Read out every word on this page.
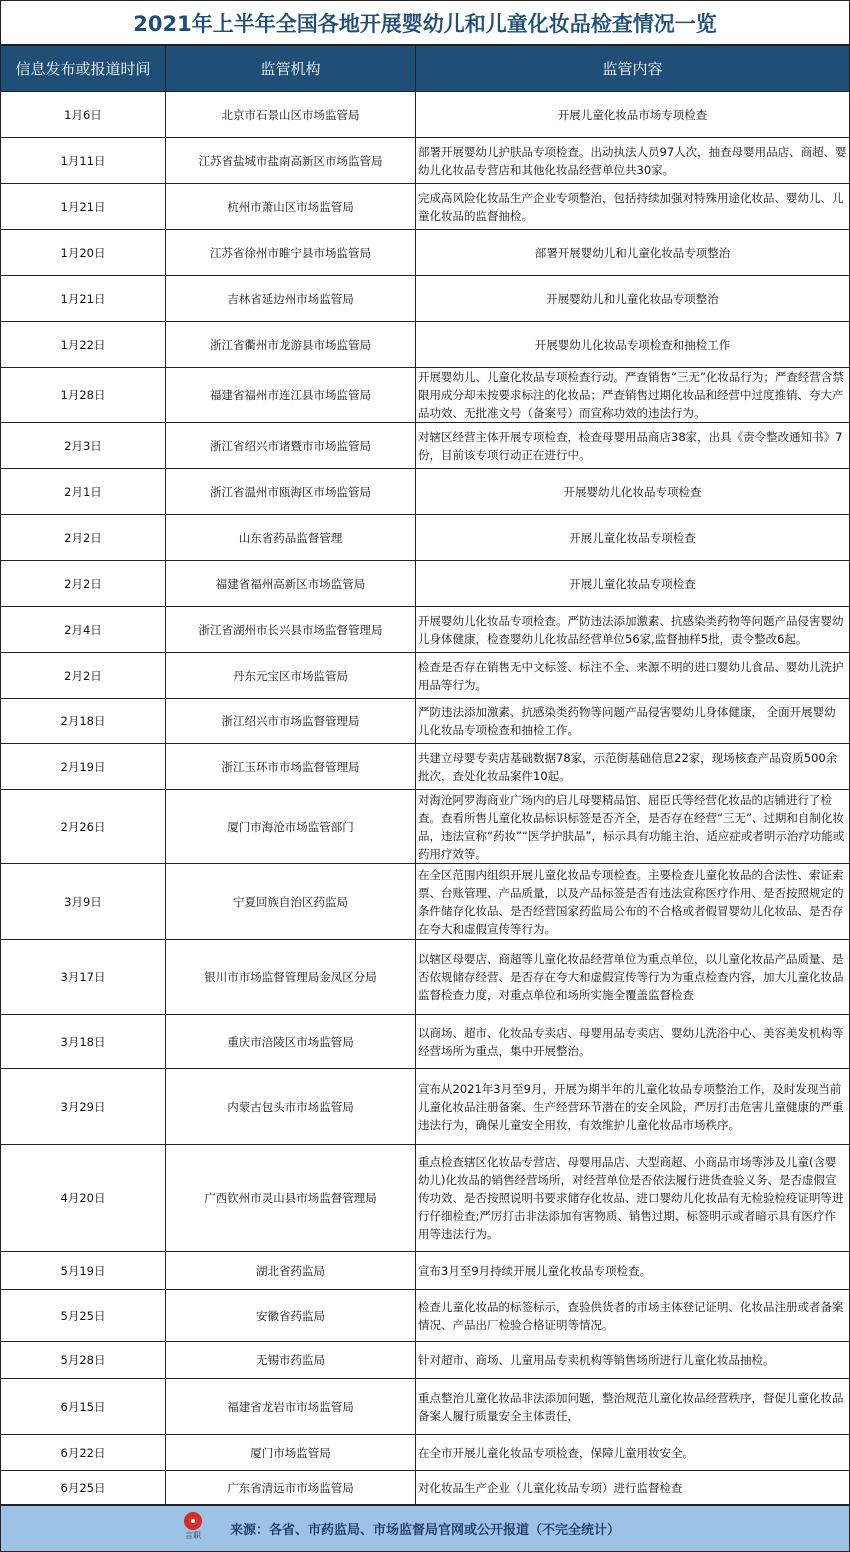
2021年上半年全国各地开展婴幼儿和儿童化妆品检查情况一览
信息发布或报道时间	监管机构	监管内容
1月6日	北京市石景山区市场监管局	开展儿童化妆品市场专项检查
1月11日	江苏省盐城市盐南高新区市场监管局	部署开展婴幼儿护肤品专项检查。出动执法人员97人次，抽查母婴用品店、商超、婴幼儿化妆品专营店和其他化妆品经营单位共30家。
1月21日	杭州市萧山区市场监管局	完成高风险化妆品生产企业专项整治，包括持续加强对特殊用途化妆品、婴幼儿、儿童化妆品的监督抽检。
1月20日	江苏省徐州市睢宁县市场监管局	部署开展婴幼儿和儿童化妆品专项整治
1月21日	吉林省延边州市场监管局	开展婴幼儿和儿童化妆品专项整治
1月22日	浙江省衢州市龙游县市场监管局	开展婴幼儿化妆品专项检查和抽检工作
1月28日	福建省福州市连江县市场监管局	开展婴幼儿、儿童化妆品专项检查行动。严查销售“三无”化妆品行为；严查经营含禁限用成分却未按要求标注的化妆品；严查销售过期化妆品和经营中过度推销、夸大产品功效、无批准文号（备案号）而宣称功效的违法行为。
2月3日	浙江省绍兴市诸暨市市场监管局	对辖区经营主体开展专项检查，检查母婴用品商店38家，出具《责令整改通知书》7份，目前该专项行动正在进行中。
2月1日	浙江省温州市瓯海区市场监管局	开展婴幼儿化妆品专项检查
2月2日	山东省药品监督管理	开展儿童化妆品专项检查
2月2日	福建省福州高新区市场监管局	开展儿童化妆品专项检查
2月4日	浙江省湖州市长兴县市场监督管理局	开展婴幼儿化妆品专项检查。严防违法添加激素、抗感染类药物等问题产品侵害婴幼儿身体健康，检查婴幼儿化妆品经营单位56家,监督抽样5批，责令整改6起。
2月2日	丹东元宝区市场监管局	检查是否存在销售无中文标签、标注不全、来源不明的进口婴幼儿食品、婴幼儿洗护用品等行为。
2月18日	浙江绍兴市市场监督管理局	严防违法添加激素、抗感染类药物等问题产品侵害婴幼儿身体健康， 全面开展婴幼儿化妆品专项检查和抽检工作。
2月19日	浙江玉环市市场监督管理局	共建立母婴专卖店基础数据78家，示范街基础信息22家，现场核查产品资质500余批次，查处化妆品案件10起。
2月26日	厦门市海沧市场监管部门	对海沧阿罗海商业广场内的启儿母婴精品馆、屈臣氏等经营化妆品的店铺进行了检查。查看所售儿童化妆品标识标签是否齐全，是否存在经营“三无”、过期和自制化妆品，违法宣称“药妆”“医学护肤品”，标示具有功能主治、适应症或者明示治疗功能或药用疗效等。
3月9日	宁夏回族自治区药监局	在全区范围内组织开展儿童化妆品专项检查。主要检查儿童化妆品的合法性、索证索票、台账管理、产品质量，以及产品标签是否有违法宣称医疗作用、是否按照规定的条件储存化妆品、是否经营国家药监局公布的不合格或者假冒婴幼儿化妆品、是否存在夸大和虚假宣传等行为。
3月17日	银川市市场监督管理局金凤区分局	以辖区母婴店、商超等儿童化妆品经营单位为重点单位，以儿童化妆品产品质量、是否依规储存经营、是否存在夸大和虚假宣传等行为为重点检查内容，加大儿童化妆品监督检查力度，对重点单位和场所实施全覆盖监督检查
3月18日	重庆市涪陵区市场监管局	以商场、超市、化妆品专卖店、母婴用品专卖店、婴幼儿洗浴中心、美容美发机构等经营场所为重点，集中开展整治。
3月29日	内蒙古包头市市场监管局	宣布从2021年3月至9月，开展为期半年的儿童化妆品专项整治工作，及时发现当前儿童化妆品注册备案、生产经营环节潜在的安全风险，严厉打击危害儿童健康的严重违法行为，确保儿童安全用妆，有效维护儿童化妆品市场秩序。
4月20日	广西钦州市灵山县市场监督管理局	重点检查辖区化妆品专营店、母婴用品店、大型商超、小商品市场等涉及儿童(含婴幼儿)化妆品的销售经营场所，对经营单位是否依法履行进货查验义务、是否虚假宣传功效、是否按照说明书要求储存化妆品、进口婴幼儿化妆品有无检验检疫证明等进行仔细检查;严厉打击非法添加有害物质、销售过期、标签明示或者暗示具有医疗作用等违法行为。
5月19日	湖北省药监局	宣布3月至9月持续开展儿童化妆品专项检查。
5月25日	安徽省药监局	检查儿童化妆品的标签标示，查验供货者的市场主体登记证明、化妆品注册或者备案情况、产品出厂检验合格证明等情况。
5月28日	无锡市药监局	针对超市、商场、儿童用品专卖机构等销售场所进行儿童化妆品抽检。
6月15日	福建省龙岩市市场监管局	重点整治儿童化妆品非法添加问题，整治规范儿童化妆品经营秩序，督促儿童化妆品备案人履行质量安全主体责任，
6月22日	厦门市场监管局	在全市开展儿童化妆品专项检查，保障儿童用妆安全。
6月25日	广东省清远市市场监管局	对化妆品生产企业（儿童化妆品专项）进行监督检查
言职	来源：各省、市药监局、市场监督局官网或公开报道（不完全统计）
